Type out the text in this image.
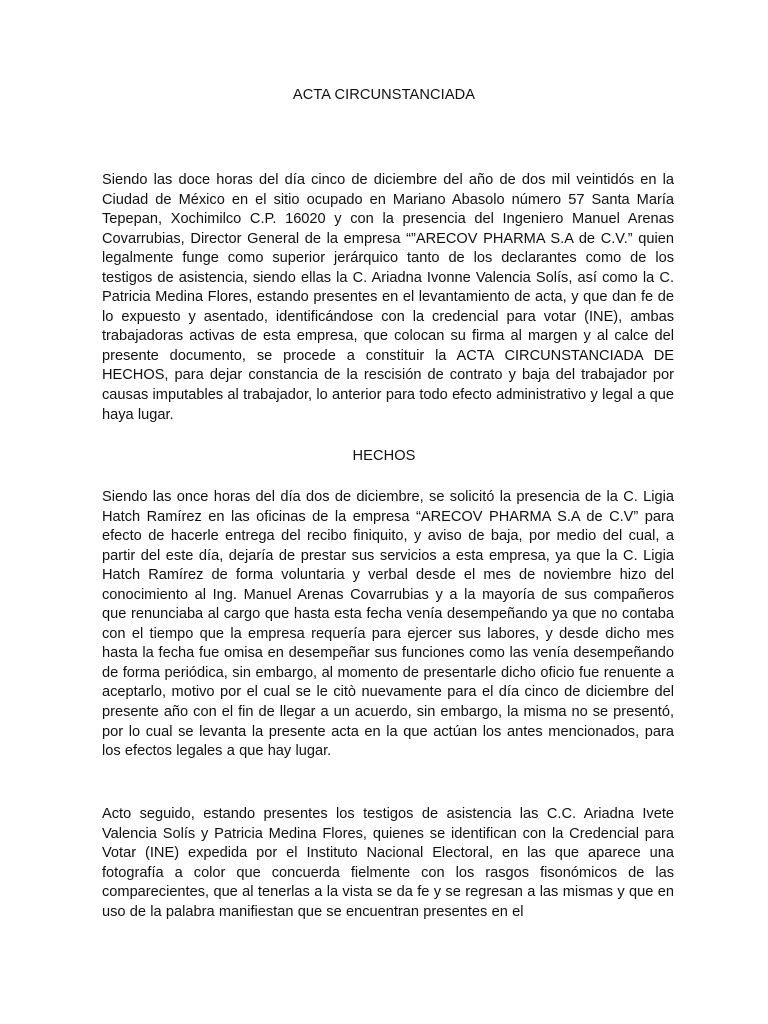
ACTA CIRCUNSTANCIADA

Siendo las doce horas del día cinco de diciembre del año de dos mil veintidós en la Ciudad de México en el sitio ocupado en Mariano Abasolo número 57 Santa María Tepepan, Xochimilco C.P. 16020 y con la presencia del Ingeniero Manuel Arenas Covarrubias, Director General de la empresa “”ARECOV PHARMA S.A de C.V.” quien legalmente funge como superior jerárquico tanto de los declarantes como de los testigos de asistencia, siendo ellas la C. Ariadna Ivonne Valencia Solís, así como la C. Patricia Medina Flores, estando presentes en el levantamiento de acta, y que dan fe de lo expuesto y asentado, identificándose con la credencial para votar (INE), ambas trabajadoras activas de esta empresa, que colocan su firma al margen y al calce del presente documento, se procede a constituir la ACTA CIRCUNSTANCIADA DE HECHOS, para dejar constancia de la rescisión de contrato y baja del trabajador por causas imputables al trabajador, lo anterior para todo efecto administrativo y legal a que haya lugar.

HECHOS

Siendo las once horas del día dos de diciembre, se solicitó la presencia de la C. Ligia Hatch Ramírez en las oficinas de la empresa “ARECOV PHARMA S.A de C.V” para efecto de hacerle entrega del recibo finiquito, y aviso de baja, por medio del cual, a partir del este día, dejaría de prestar sus servicios a esta empresa, ya que la C. Ligia Hatch Ramírez de forma voluntaria y verbal desde el mes de noviembre hizo del conocimiento al Ing. Manuel Arenas Covarrubias y a la mayoría de sus compañeros que renunciaba al cargo que hasta esta fecha venía desempeñando ya que no contaba con el tiempo que la empresa requería para ejercer sus labores, y desde dicho mes hasta la fecha fue omisa en desempeñar sus funciones como las venía desempeñando de forma periódica, sin embargo, al momento de presentarle dicho oficio fue renuente a aceptarlo, motivo por el cual se le citò nuevamente para el día cinco de diciembre del presente año con el fin de llegar a un acuerdo, sin embargo, la misma no se presentó, por lo cual se levanta la presente acta en la que actúan los antes mencionados, para los efectos legales a que hay lugar.

Acto seguido, estando presentes los testigos de asistencia las C.C. Ariadna Ivete Valencia Solís y Patricia Medina Flores, quienes se identifican con la Credencial para Votar (INE) expedida por el Instituto Nacional Electoral, en las que aparece una fotografía a color que concuerda fielmente con los rasgos fisonómicos de las comparecientes, que al tenerlas a la vista se da fe y se regresan a las mismas y que en uso de la palabra manifiestan que se encuentran presentes en el
